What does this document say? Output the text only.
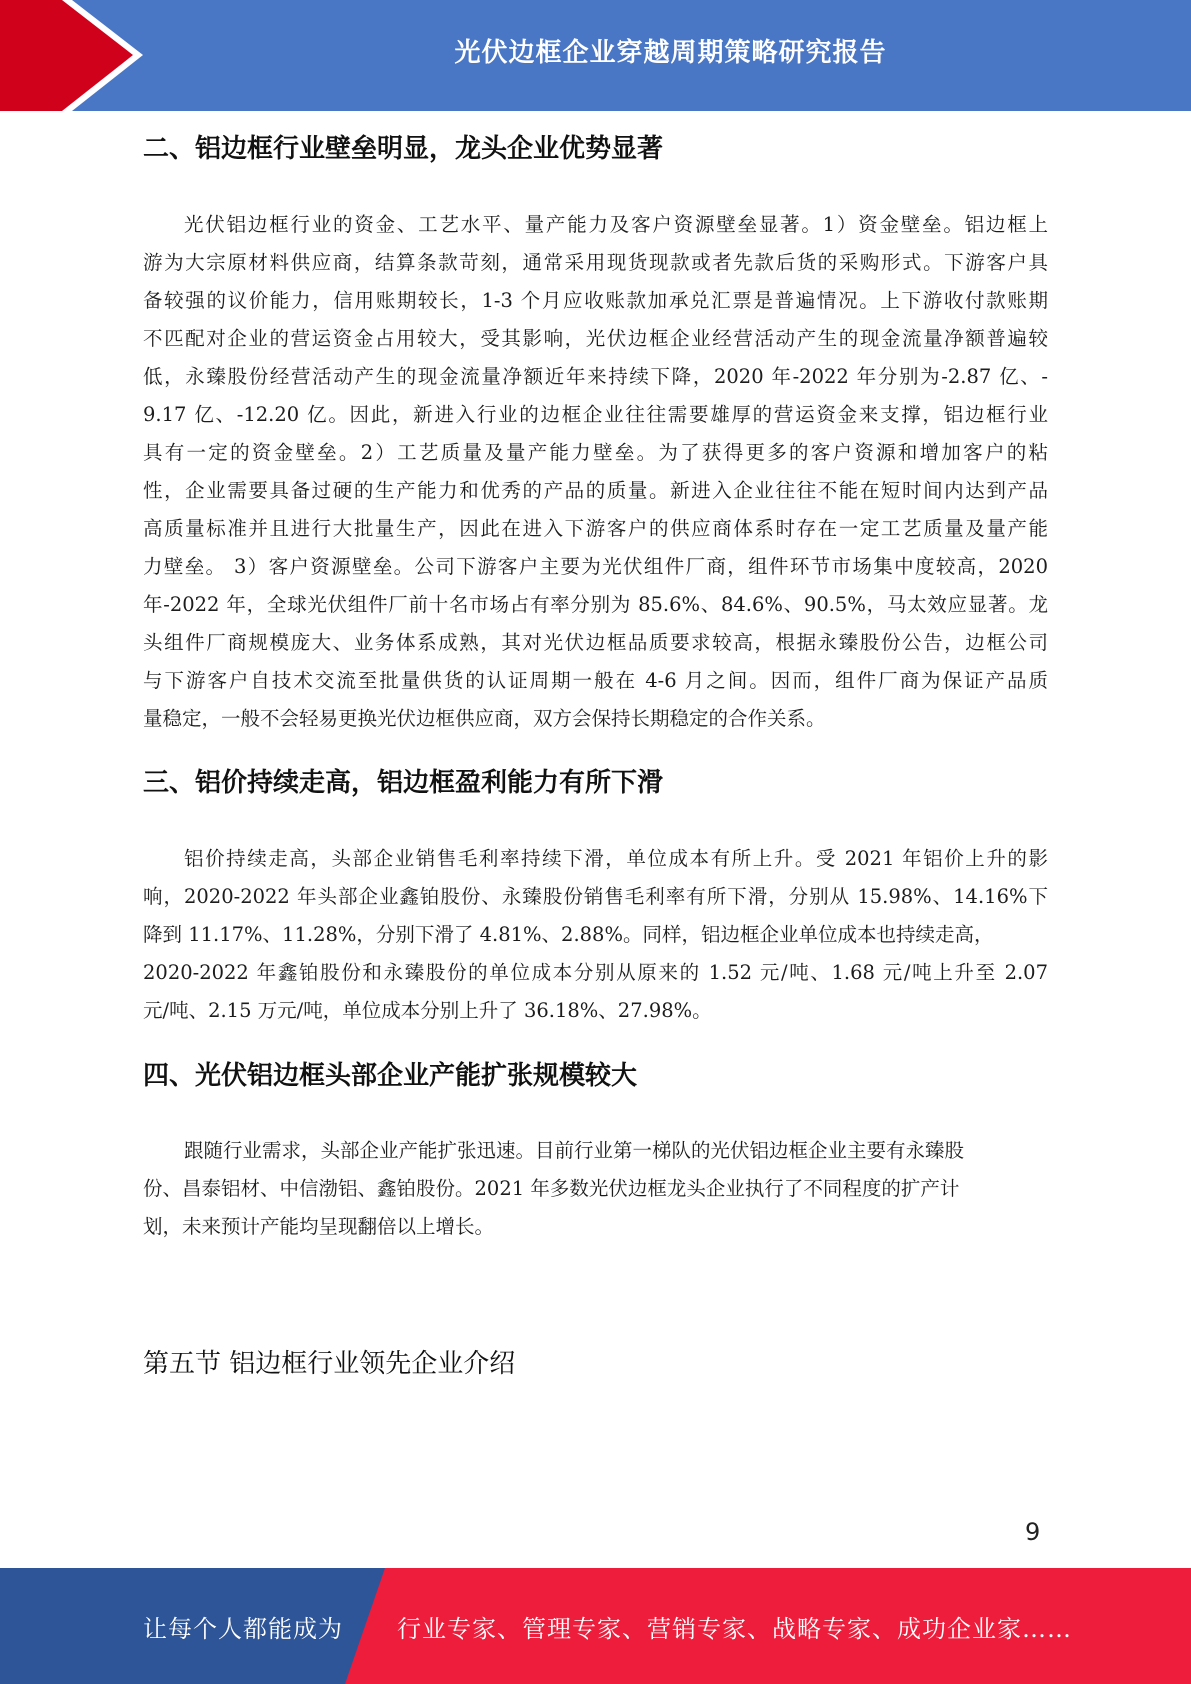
光伏边框企业穿越周期策略研究报告
二、铝边框行业壁垒明显，龙头企业优势显著
光伏铝边框行业的资金、工艺水平、量产能力及客户资源壁垒显著。1）资金壁垒。铝边框上
游为大宗原材料供应商，结算条款苛刻，通常采用现货现款或者先款后货的采购形式。下游客户具
备较强的议价能力，信用账期较长，1-3 个月应收账款加承兑汇票是普遍情况。上下游收付款账期
不匹配对企业的营运资金占用较大，受其影响，光伏边框企业经营活动产生的现金流量净额普遍较
低，永臻股份经营活动产生的现金流量净额近年来持续下降，2020 年-2022 年分别为-2.87 亿、-
9.17 亿、-12.20 亿。因此，新进入行业的边框企业往往需要雄厚的营运资金来支撑，铝边框行业
具有一定的资金壁垒。2）工艺质量及量产能力壁垒。为了获得更多的客户资源和增加客户的粘
性，企业需要具备过硬的生产能力和优秀的产品的质量。新进入企业往往不能在短时间内达到产品
高质量标准并且进行大批量生产，因此在进入下游客户的供应商体系时存在一定工艺质量及量产能
力壁垒。 3）客户资源壁垒。公司下游客户主要为光伏组件厂商，组件环节市场集中度较高，2020
年-2022 年，全球光伏组件厂前十名市场占有率分别为 85.6%、84.6%、90.5%，马太效应显著。龙
头组件厂商规模庞大、业务体系成熟，其对光伏边框品质要求较高，根据永臻股份公告，边框公司
与下游客户自技术交流至批量供货的认证周期一般在 4-6 月之间。因而，组件厂商为保证产品质
量稳定，一般不会轻易更换光伏边框供应商，双方会保持长期稳定的合作关系。
三、铝价持续走高，铝边框盈利能力有所下滑
铝价持续走高，头部企业销售毛利率持续下滑，单位成本有所上升。受 2021 年铝价上升的影
响，2020-2022 年头部企业鑫铂股份、永臻股份销售毛利率有所下滑，分别从 15.98%、14.16%下
降到 11.17%、11.28%，分别下滑了 4.81%、2.88%。同样，铝边框企业单位成本也持续走高，
2020-2022 年鑫铂股份和永臻股份的单位成本分别从原来的 1.52 元/吨、1.68 元/吨上升至 2.07
元/吨、2.15 万元/吨，单位成本分别上升了 36.18%、27.98%。
四、光伏铝边框头部企业产能扩张规模较大
跟随行业需求，头部企业产能扩张迅速。目前行业第一梯队的光伏铝边框企业主要有永臻股
份、昌泰铝材、中信渤铝、鑫铂股份。2021 年多数光伏边框龙头企业执行了不同程度的扩产计
划，未来预计产能均呈现翻倍以上增长。
第五节 铝边框行业领先企业介绍
9
让每个人都能成为 行业专家、管理专家、营销专家、战略专家、成功企业家……
